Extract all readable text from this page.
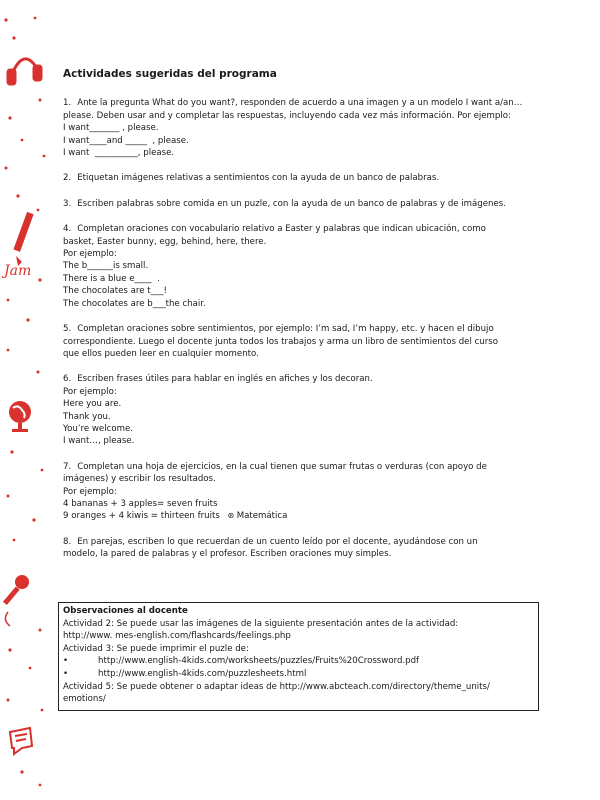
Jam
Actividades sugeridas del programa

1. Ante la pregunta What do you want?, responden de acuerdo a una imagen y a un modelo I want a/an…

please. Deben usar and y completar las respuestas, incluyendo cada vez más información. Por ejemplo:

I want_______ , please.

I want____and _____  , please.

I want  __________, please.

2. Etiquetan imágenes relativas a sentimientos con la ayuda de un banco de palabras.

3. Escriben palabras sobre comida en un puzle, con la ayuda de un banco de palabras y de imágenes.

4. Completan oraciones con vocabulario relativo a Easter y palabras que indican ubicación, como

basket, Easter bunny, egg, behind, here, there.

Por ejemplo:

The b______is small.

There is a blue e____  .

The chocolates are t___!

The chocolates are b___the chair.

5. Completan oraciones sobre sentimientos, por ejemplo: I’m sad, I’m happy, etc. y hacen el dibujo

correspondiente. Luego el docente junta todos los trabajos y arma un libro de sentimientos del curso

que ellos pueden leer en cualquier momento.

6. Escriben frases útiles para hablar en inglés en afiches y los decoran.

Por ejemplo:

Here you are.

Thank you.

You’re welcome.

I want…, please.

7. Completan una hoja de ejercicios, en la cual tienen que sumar frutas o verduras (con apoyo de

imágenes) y escribir los resultados.

Por ejemplo:

4 bananas + 3 apples= seven fruits

9 oranges + 4 kiwis = thirteen fruits   ⊛ Matemática

8. En parejas, escriben lo que recuerdan de un cuento leído por el docente, ayudándose con un

modelo, la pared de palabras y el profesor. Escriben oraciones muy simples.

Observaciones al docente

Actividad 2: Se puede usar las imágenes de la siguiente presentación antes de la actividad:

http://www. mes-english.com/flashcards/feelings.php

Actividad 3: Se puede imprimir el puzle de:

•	http://www.english-4kids.com/worksheets/puzzles/Fruits%20Crossword.pdf
•	http://www.english-4kids.com/puzzlesheets.html

Actividad 5: Se puede obtener o adaptar ideas de http://www.abcteach.com/directory/theme_units/

emotions/
